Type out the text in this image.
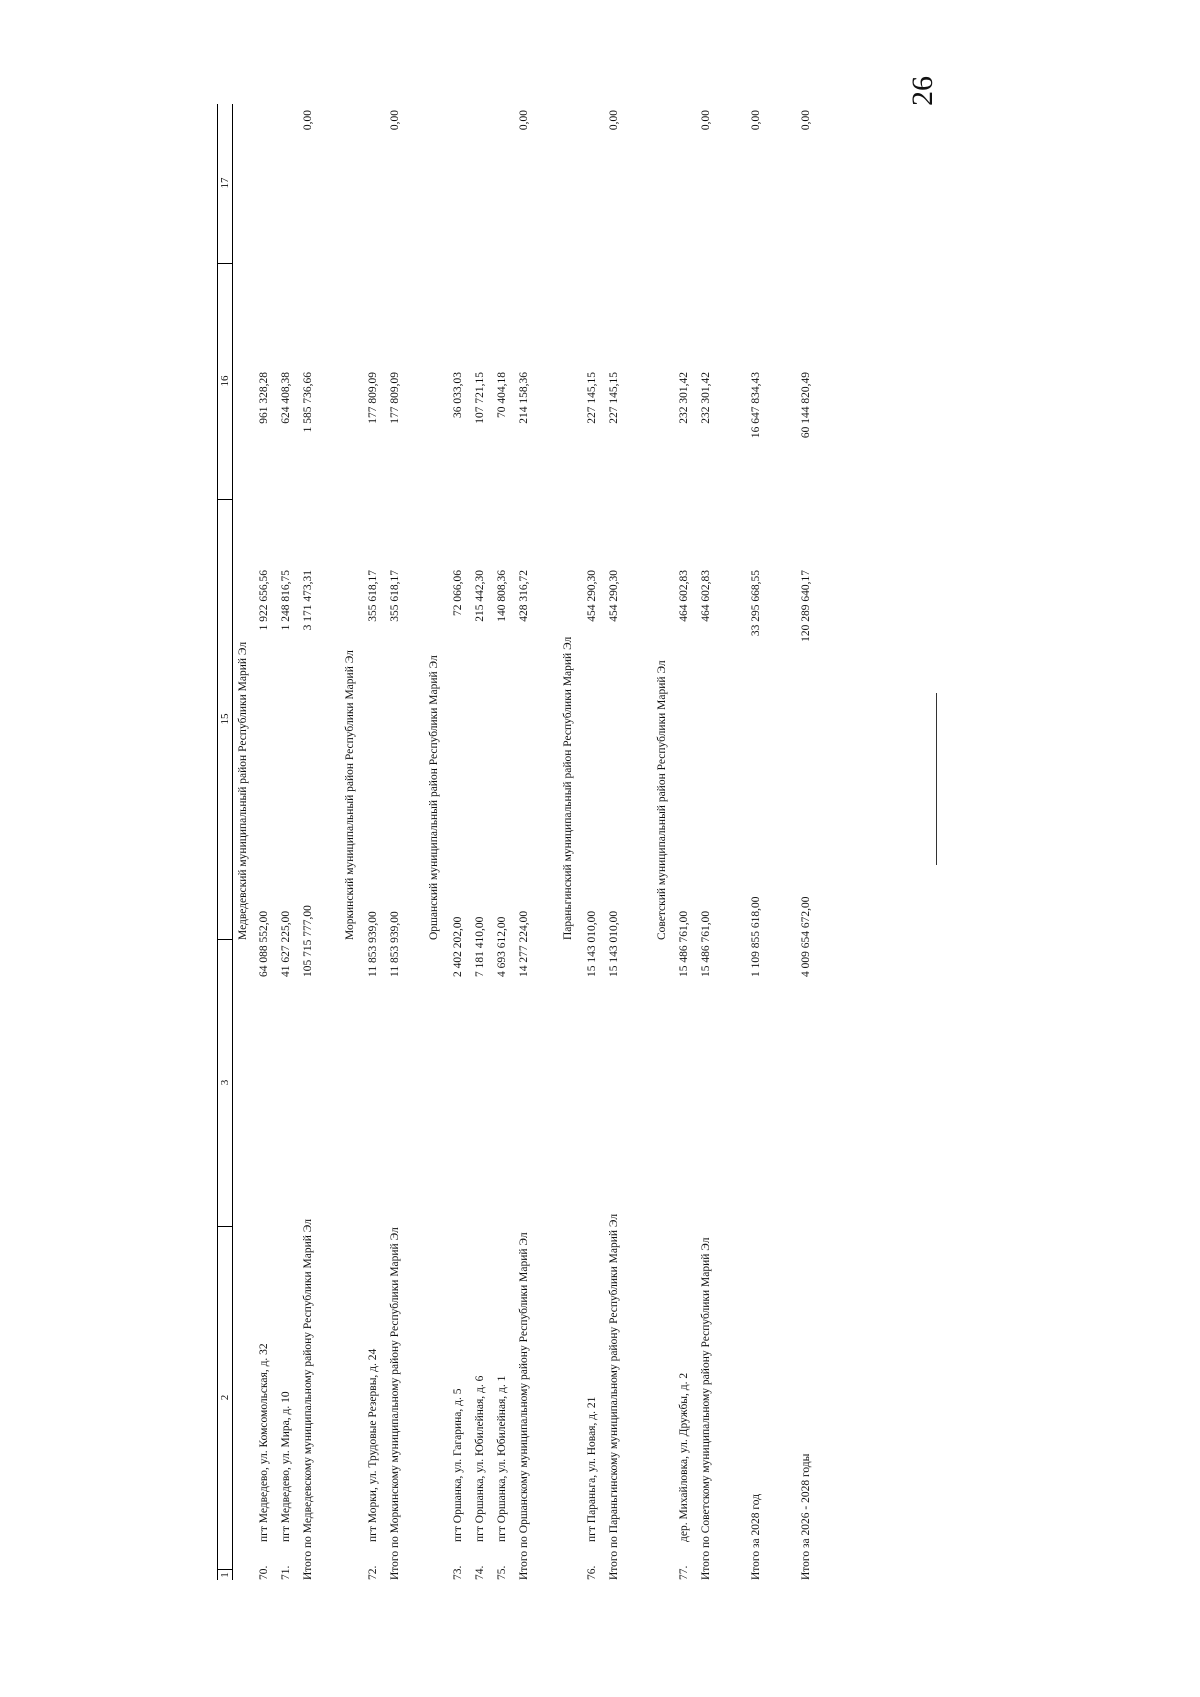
26
1
2
3
15
16
17
Медведевский муниципальный район Республики Марий Эл
70.
пгт Медведево, ул. Комсомольская, д. 32
64 088 552,00
1 922 656,56
961 328,28
71.
пгт Медведево, ул. Мира, д. 10
41 627 225,00
1 248 816,75
624 408,38
Итого по Медведевскому муниципальному району Республики Марий Эл
105 715 777,00
3 171 473,31
1 585 736,66
0,00
Моркинский муниципальный район Республики Марий Эл
72.
пгт Морки, ул. Трудовые Резервы, д. 24
11 853 939,00
355 618,17
177 809,09
Итого по Моркинскому муниципальному району Республики Марий Эл
11 853 939,00
355 618,17
177 809,09
0,00
Оршанский муниципальный район Республики Марий Эл
73.
пгт Оршанка, ул. Гагарина, д. 5
2 402 202,00
72 066,06
36 033,03
74.
пгт Оршанка, ул. Юбилейная, д. 6
7 181 410,00
215 442,30
107 721,15
75.
пгт Оршанка, ул. Юбилейная, д. 1
4 693 612,00
140 808,36
70 404,18
Итого по Оршанскому муниципальному району Республики Марий Эл
14 277 224,00
428 316,72
214 158,36
0,00
Параньгинский муниципальный район Республики Марий Эл
76.
пгт Параньга, ул. Новая, д. 21
15 143 010,00
454 290,30
227 145,15
Итого по Параньгинскому муниципальному району Республики Марий Эл
15 143 010,00
454 290,30
227 145,15
0,00
Советский муниципальный район Республики Марий Эл
77.
дер. Михайловка, ул. Дружбы, д. 2
15 486 761,00
464 602,83
232 301,42
Итого по Советскому муниципальному району Республики Марий Эл
15 486 761,00
464 602,83
232 301,42
0,00
Итого за 2028 год
1 109 855 618,00
33 295 668,55
16 647 834,43
0,00
Итого за 2026 - 2028 годы
4 009 654 672,00
120 289 640,17
60 144 820,49
0,00
